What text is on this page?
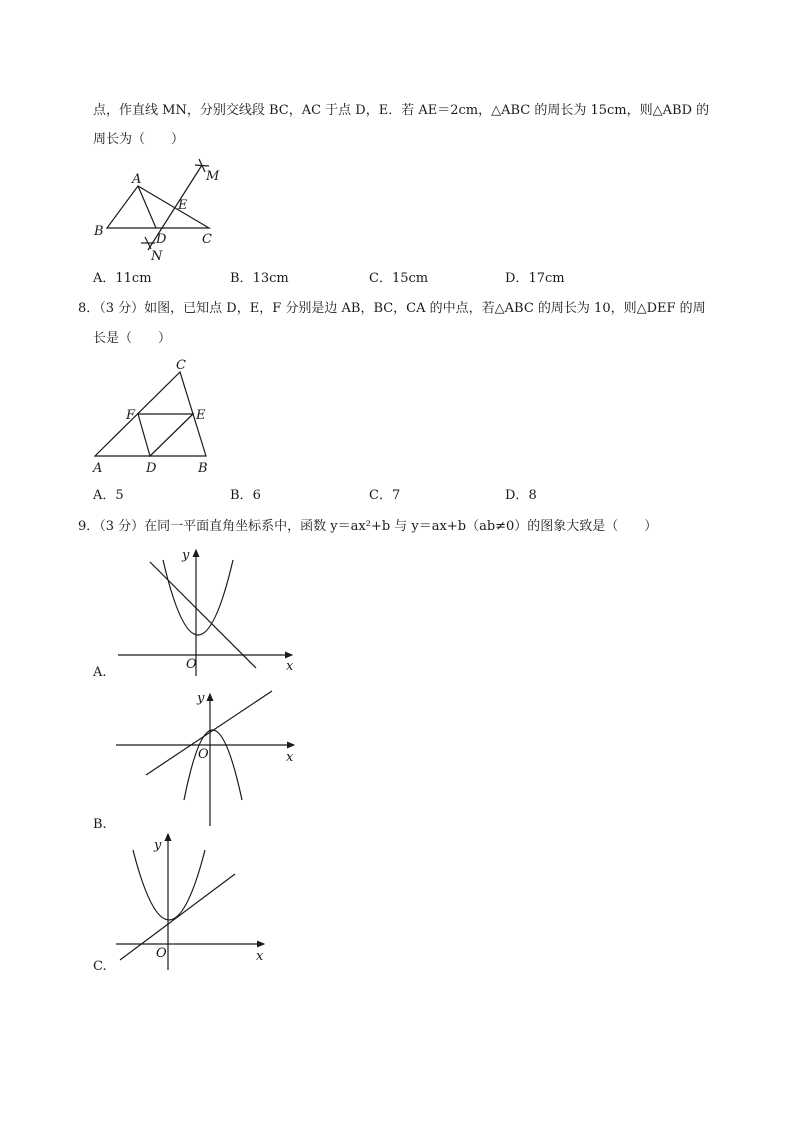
点，作直线 MN，分别交线段 BC，AC 于点 D，E．若 AE＝2cm，△ABC 的周长为 15cm，则△ABD 的
周长为（　　）
A
B
C
D
E
M
N
A．11cm	B．13cm	C．15cm	D．17cm
8．（3 分）如图，已知点 D，E，F 分别是边 AB，BC，CA 的中点，若△ABC 的周长为 10，则△DEF 的周
长是（　　）
C
F	E
A	D	B
A．5	B．6	C．7	D．8
9．（3 分）在同一平面直角坐标系中，函数 y＝ax²+b 与 y＝ax+b（ab≠0）的图象大致是（　　）
y
x
O
A.
y
x
O
B.
y
x
O
C.
